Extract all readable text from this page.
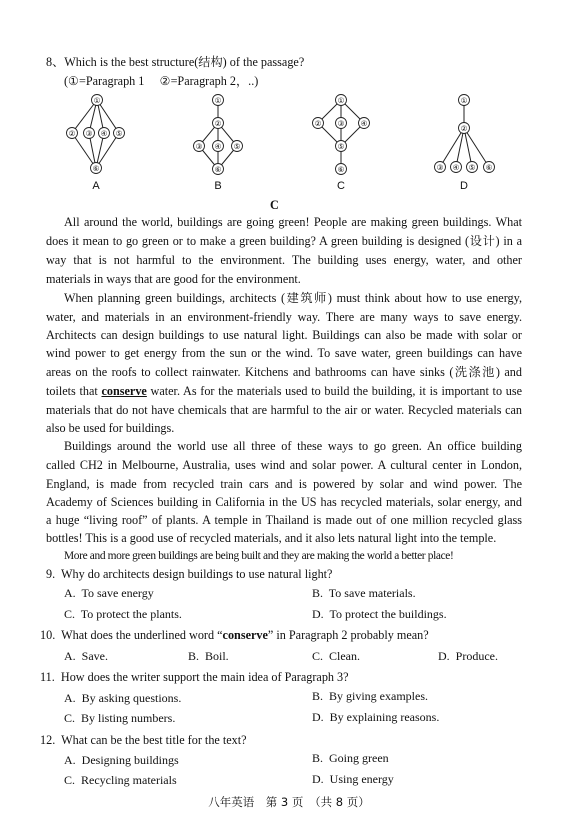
8、Which is the best structure(结构) of the passage?
(①=Paragraph 1　 ②=Paragraph 2，..)
①
② ③ ④ ⑤
⑥
①
②
③ ④ ⑤
⑥
①
② ③ ④
⑤
⑥
①
②
③ ④ ⑤ ⑥
A	B	C	D
C
All around the world, buildings are going green! People are making green buildings. What
does it mean to go green or to make a green building? A green building is designed (设计) in a
way that is not harmful to the environment. The building uses energy, water, and other
materials in ways that are good for the environment.
When planning green buildings, architects (建筑师) must think about how to use energy,
water, and materials in an environment-friendly way. There are many ways to save energy.
Architects can design buildings to use natural light. Buildings can also be made with solar or
wind power to get energy from the sun or the wind. To save water, green buildings can have
areas on the roofs to collect rainwater. Kitchens and bathrooms can have sinks (洗涤池) and
toilets that conserve water. As for the materials used to build the building, it is important to use
materials that do not have chemicals that are harmful to the air or water. Recycled materials can
also be used for buildings.
Buildings around the world use all three of these ways to go green. An office building
called CH2 in Melbourne, Australia, uses wind and solar power. A cultural center in London,
England, is made from recycled train cars and is powered by solar and wind power. The
Academy of Sciences building in California in the US has recycled materials, solar energy, and
a huge “living roof” of plants. A temple in Thailand is made out of one million recycled glass
bottles! This is a good use of recycled materials, and it also lets natural light into the temple.
More and more green buildings are being built and they are making the world a better place!
9. Why do architects design buildings to use natural light?
A.  To save energy	B.  To save materials.
C.  To protect the plants.	D.  To protect the buildings.
10. What does the underlined word “conserve” in Paragraph 2 probably mean?
A.  Save.	B.  Boil.	C.  Clean.	D.  Produce.
11. How does the writer support the main idea of Paragraph 3?
A.  By asking questions.	B.  By giving examples.
C.  By listing numbers.	D.  By explaining reasons.
12. What can be the best title for the text?
A.  Designing buildings	B.  Going green
C.  Recycling materials	D.  Using energy
八年英语　第 3 页　（共 8 页）
